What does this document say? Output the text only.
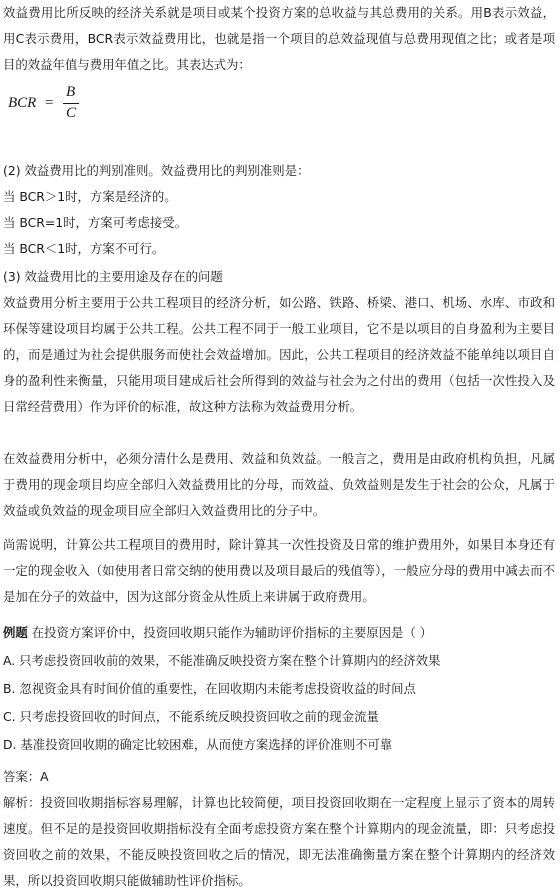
效益费用比所反映的经济关系就是项目或某个投资方案的总收益与其总费用的关系。用B表示效益，用C表示费用，BCR表示效益费用比，也就是指一个项目的总效益现值与总费用现值之比；或者是项目的效益年值与费用年值之比。其表达式为：

BCR =
B
C

(2) 效益费用比的判别准则。效益费用比的判别准则是：

当 BCR＞1时，方案是经济的。

当 BCR=1时，方案可考虑接受。

当 BCR＜1时，方案不可行。

(3) 效益费用比的主要用途及存在的问题

效益费用分析主要用于公共工程项目的经济分析，如公路、铁路、桥梁、港口、机场、水库、市政和环保等建设项目均属于公共工程。公共工程不同于一般工业项目，它不是以项目的自身盈利为主要目的，而是通过为社会提供服务而使社会效益增加。因此，公共工程项目的经济效益不能单纯以项目自身的盈利性来衡量，只能用项目建成后社会所得到的效益与社会为之付出的费用（包括一次性投入及日常经营费用）作为评价的标准，故这种方法称为效益费用分析。

在效益费用分析中，必须分清什么是费用、效益和负效益。一般言之，费用是由政府机构负担，凡属于费用的现金项目均应全部归入效益费用比的分母，而效益、负效益则是发生于社会的公众，凡属于效益或负效益的现金项目应全部归入效益费用比的分子中。

尚需说明，计算公共工程项目的费用时，除计算其一次性投资及日常的维护费用外，如果目本身还有一定的现金收入（如使用者日常交纳的使用费以及项目最后的残值等），一般应分母的费用中减去而不是加在分子的效益中，因为这部分资金从性质上来讲属于政府费用。

例题 在投资方案评价中，投资回收期只能作为辅助评价指标的主要原因是（ ）

A. 只考虑投资回收前的效果，不能准确反映投资方案在整个计算期内的经济效果

B. 忽视资金具有时间价值的重要性，在回收期内未能考虑投资收益的时间点

C. 只考虑投资回收的时间点，不能系统反映投资回收之前的现金流量

D. 基准投资回收期的确定比较困难，从而使方案选择的评价准则不可靠

答案：A

解析：投资回收期指标容易理解，计算也比较简便，项目投资回收期在一定程度上显示了资本的周转速度。但不足的是投资回收期指标没有全面考虑投资方案在整个计算期内的现金流量，即：只考虑投资回收之前的效果，不能反映投资回收之后的情况，即无法准确衡量方案在整个计算期内的经济效果，所以投资回收期只能做辅助性评价指标。
